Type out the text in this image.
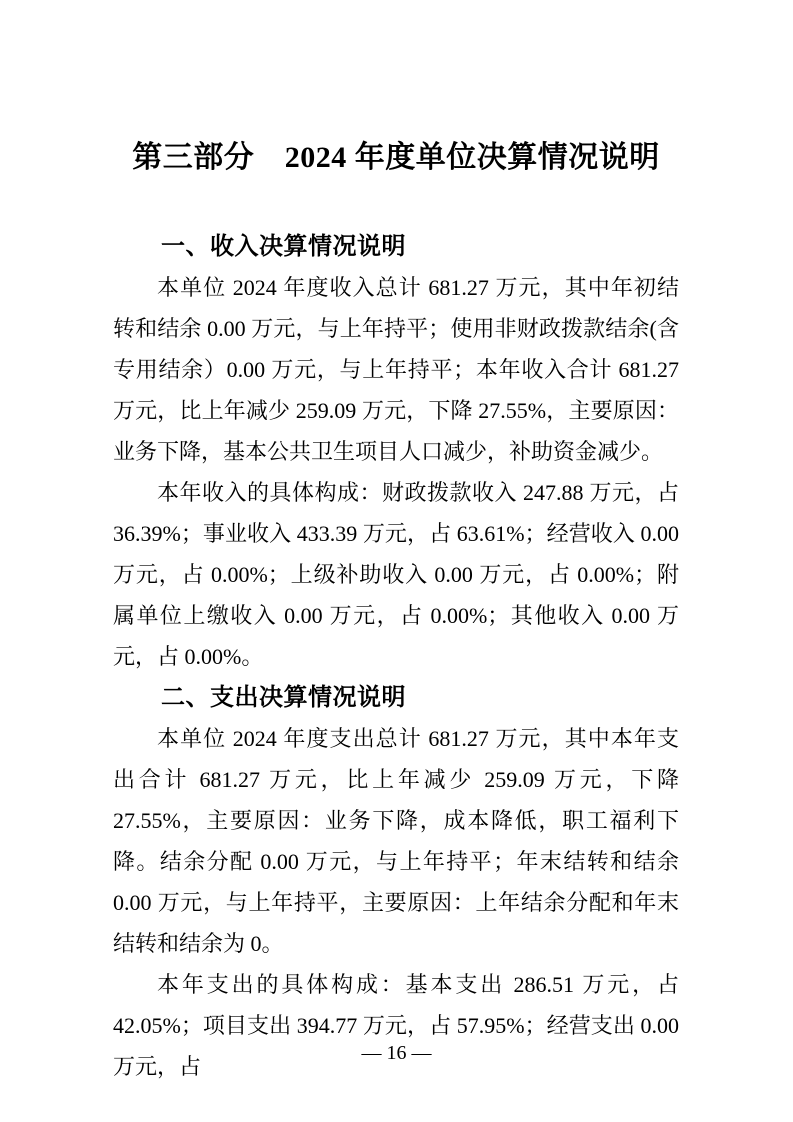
第三部分　2024 年度单位决算情况说明
一、收入决算情况说明

本单位 2024 年度收入总计 681.27 万元，其中年初结转和结余 0.00 万元，与上年持平；使用非财政拨款结余(含专用结余）0.00 万元，与上年持平；本年收入合计 681.27 万元，比上年减少 259.09 万元，下降 27.55%，主要原因：业务下降，基本公共卫生项目人口减少，补助资金减少。

本年收入的具体构成：财政拨款收入 247.88 万元，占 36.39%；事业收入 433.39 万元，占 63.61%；经营收入 0.00 万元，占 0.00%；上级补助收入 0.00 万元，占 0.00%；附属单位上缴收入 0.00 万元，占 0.00%；其他收入 0.00 万元，占 0.00%。

二、支出决算情况说明

本单位 2024 年度支出总计 681.27 万元，其中本年支出合计 681.27 万元，比上年减少 259.09 万元，下降 27.55%，主要原因：业务下降，成本降低，职工福利下降。结余分配 0.00 万元，与上年持平；年末结转和结余 0.00 万元，与上年持平，主要原因：上年结余分配和年末结转和结余为 0。

本年支出的具体构成：基本支出 286.51 万元，占 42.05%；项目支出 394.77 万元，占 57.95%；经营支出 0.00 万元，占

— 16 —
